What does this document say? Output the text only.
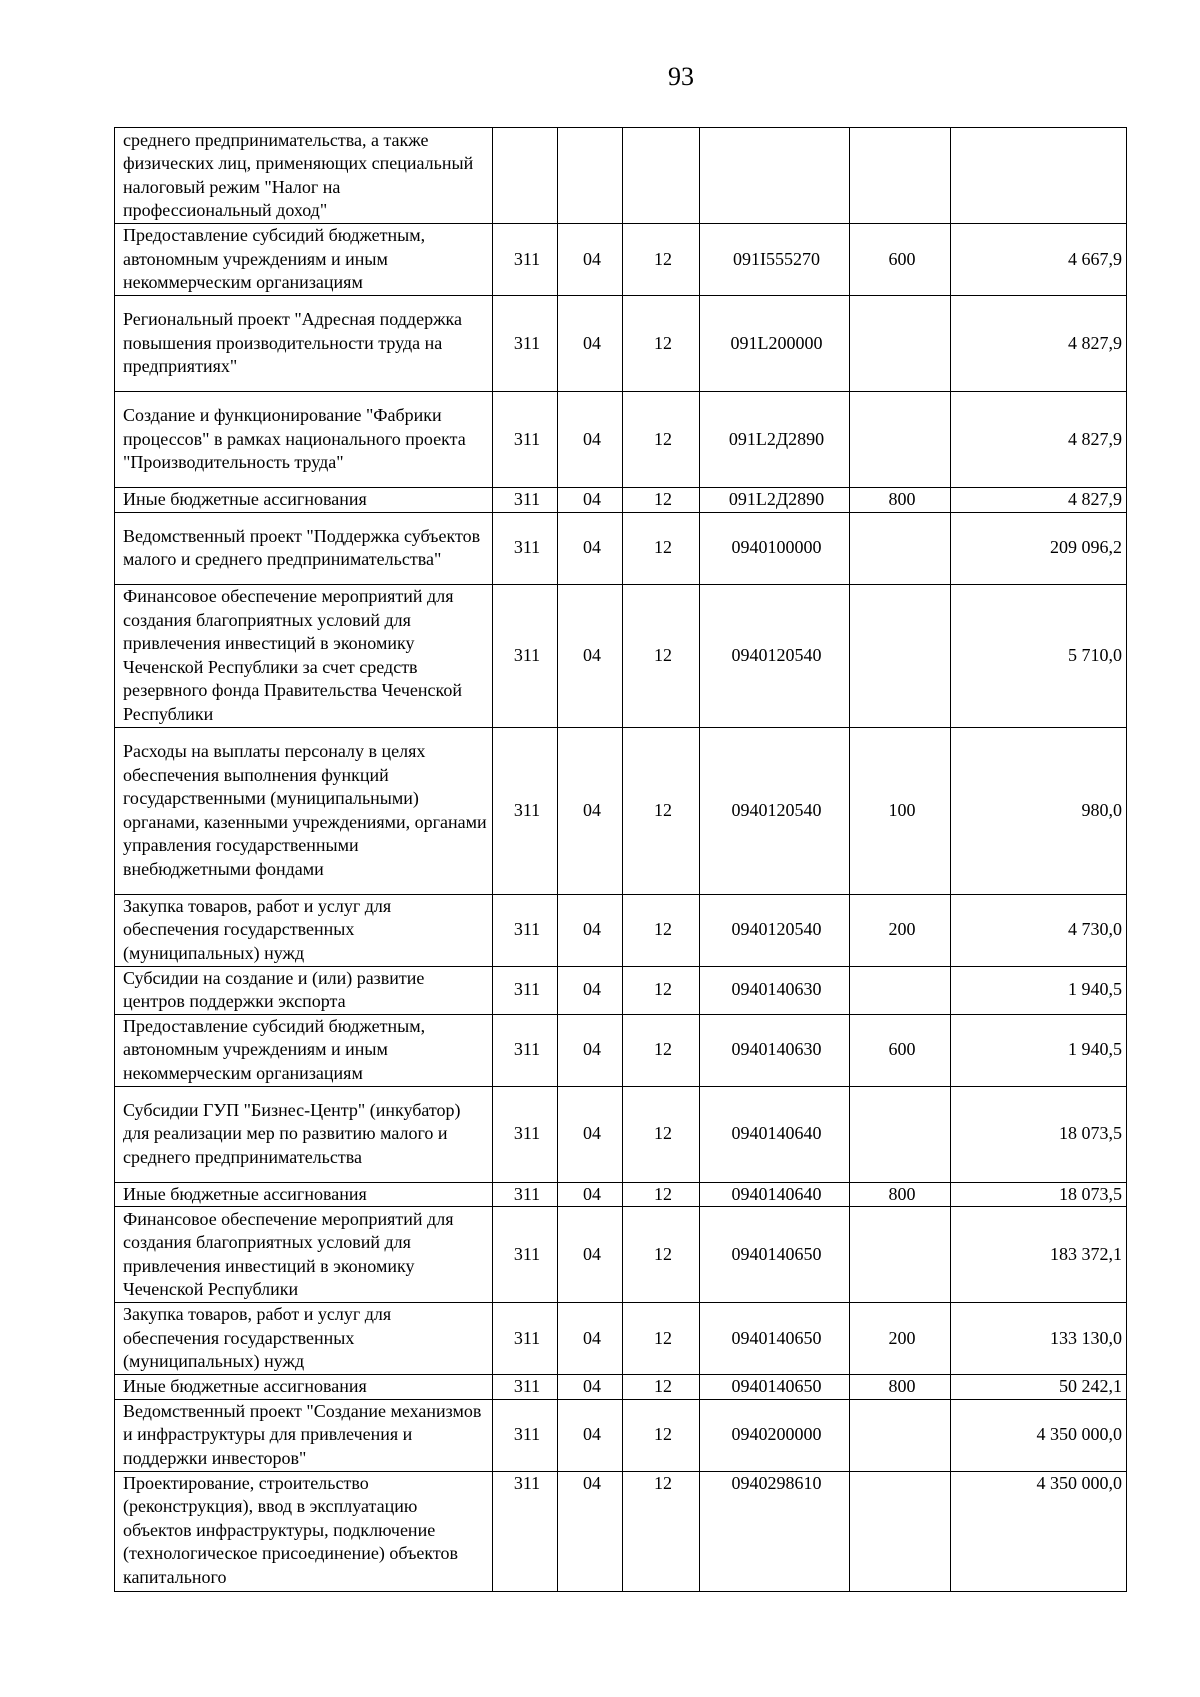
93
среднего предпринимательства, а также физических лиц, применяющих специальный налоговый режим "Налог на профессиональный доход"						
Предоставление субсидий бюджетным, автономным учреждениям и иным некоммерческим организациям	311	04	12	091I555270	600	4 667,9
Региональный проект "Адресная поддержка повышения производительности труда на предприятиях"	311	04	12	091L200000		4 827,9
Создание и функционирование "Фабрики процессов" в рамках национального проекта "Производительность труда"	311	04	12	091L2Д2890		4 827,9
Иные бюджетные ассигнования	311	04	12	091L2Д2890	800	4 827,9
Ведомственный проект "Поддержка субъектов малого и среднего предпринимательства"	311	04	12	0940100000		209 096,2
Финансовое обеспечение мероприятий для создания благоприятных условий для привлечения инвестиций в экономику Чеченской Республики за счет средств резервного фонда Правительства Чеченской Республики	311	04	12	0940120540		5 710,0
Расходы на выплаты персоналу в целях обеспечения выполнения функций государственными (муниципальными) органами, казенными учреждениями, органами управления государственными внебюджетными фондами	311	04	12	0940120540	100	980,0
Закупка товаров, работ и услуг для обеспечения государственных (муниципальных) нужд	311	04	12	0940120540	200	4 730,0
Субсидии на создание и (или) развитие центров поддержки экспорта	311	04	12	0940140630		1 940,5
Предоставление субсидий бюджетным, автономным учреждениям и иным некоммерческим организациям	311	04	12	0940140630	600	1 940,5
Субсидии ГУП "Бизнес-Центр" (инкубатор) для реализации мер по развитию малого и среднего предпринимательства	311	04	12	0940140640		18 073,5
Иные бюджетные ассигнования	311	04	12	0940140640	800	18 073,5
Финансовое обеспечение мероприятий для создания благоприятных условий для привлечения инвестиций в экономику Чеченской Республики	311	04	12	0940140650		183 372,1
Закупка товаров, работ и услуг для обеспечения государственных (муниципальных) нужд	311	04	12	0940140650	200	133 130,0
Иные бюджетные ассигнования	311	04	12	0940140650	800	50 242,1
Ведомственный проект "Создание механизмов и инфраструктуры для привлечения и поддержки инвесторов"	311	04	12	0940200000		4 350 000,0
Проектирование, строительство (реконструкция), ввод в эксплуатацию объектов инфраструктуры, подключение (технологическое присоединение) объектов капитального	311	04	12	0940298610		4 350 000,0
